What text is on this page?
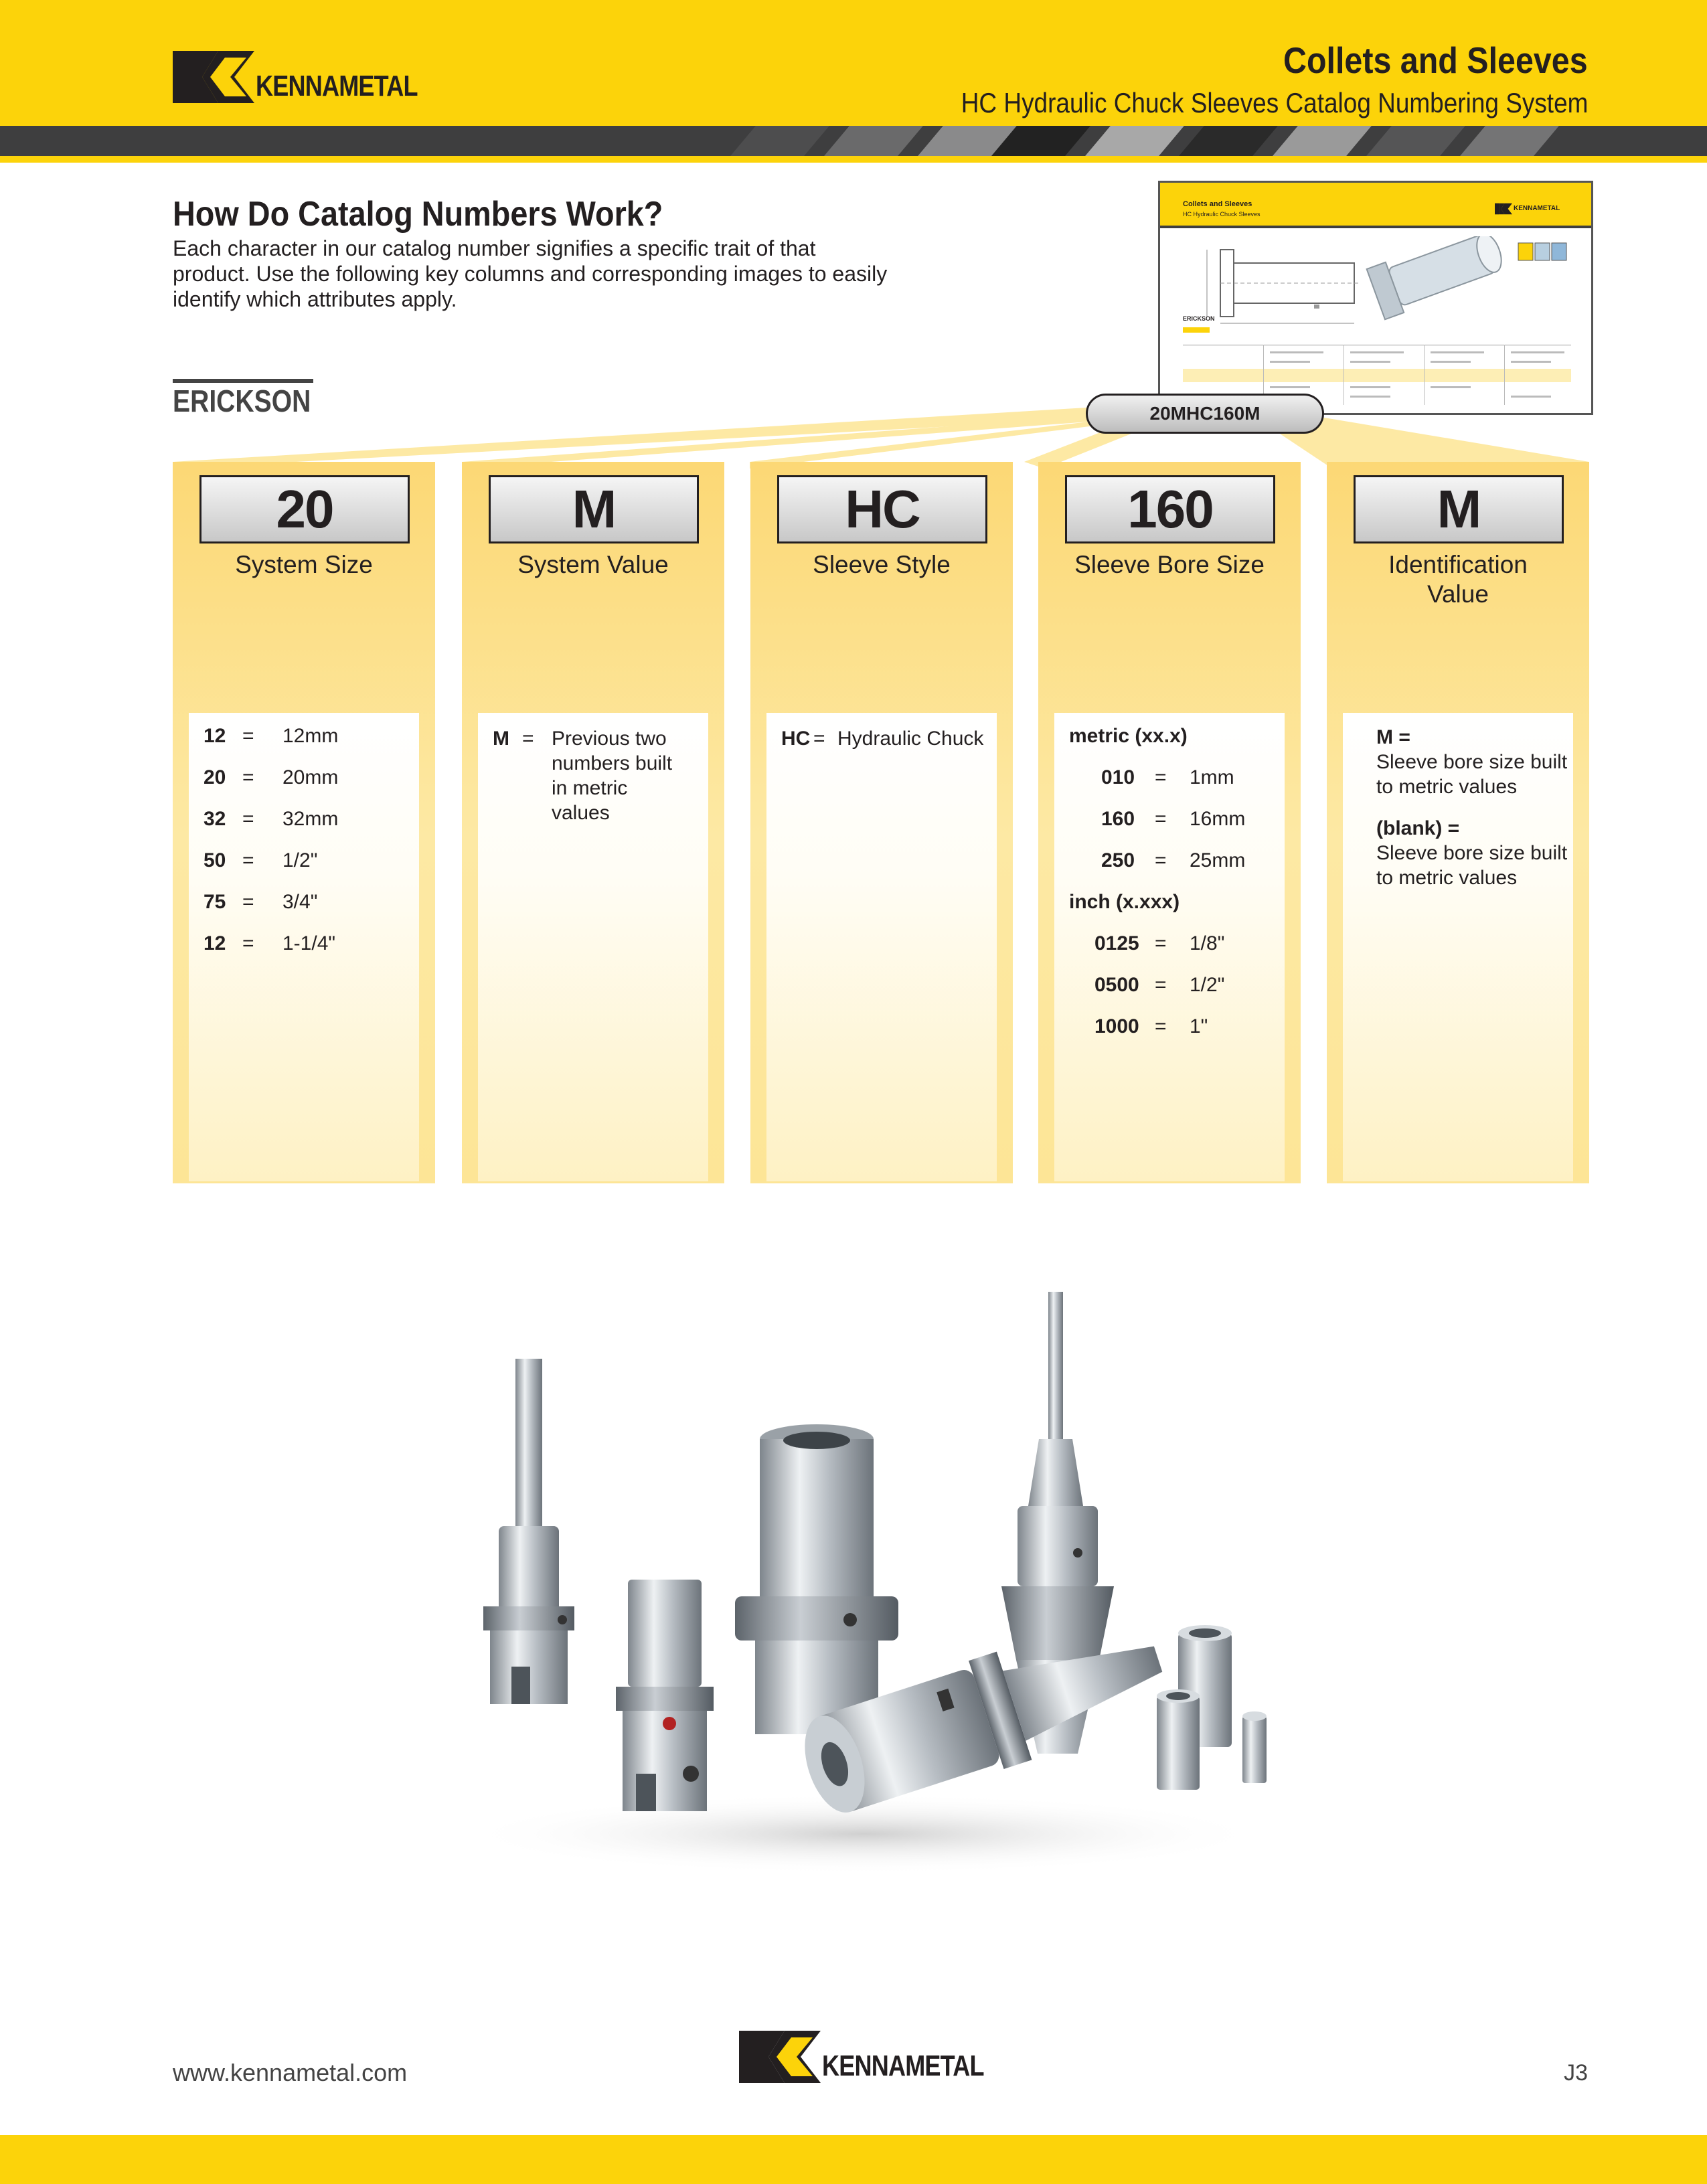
KENNAMETAL
Collets and Sleeves
HC Hydraulic Chuck Sleeves Catalog Numbering System
How Do Catalog Numbers Work?
Each character in our catalog number signifies a specific trait of that product. Use the following key columns and corresponding images to easily identify which attributes apply.
Collets and Sleeves
HC Hydraulic Chuck Sleeves
KENNAMETAL
ERICKSON
ERICKSON	20MHC160M
20
System Size
12 = 12mm
20 = 20mm
32 = 32mm
50 = 1/2"
75 = 3/4"
12 = 1-1/4"
M
System Value
M = Previous two
numbers built
in metric
values
HC
Sleeve Style
HC = Hydraulic Chuck
160
Sleeve Bore Size
metric (xx.x)
010 = 1mm
160 = 16mm
250 = 25mm
inch (x.xxx)
0125 = 1/8"
0500 = 1/2"
1000 = 1"
M
Identification
Value
M =
Sleeve bore size built
to metric values
(blank) =
Sleeve bore size built
to metric values
www.kennametal.com	KENNAMETAL	J3
